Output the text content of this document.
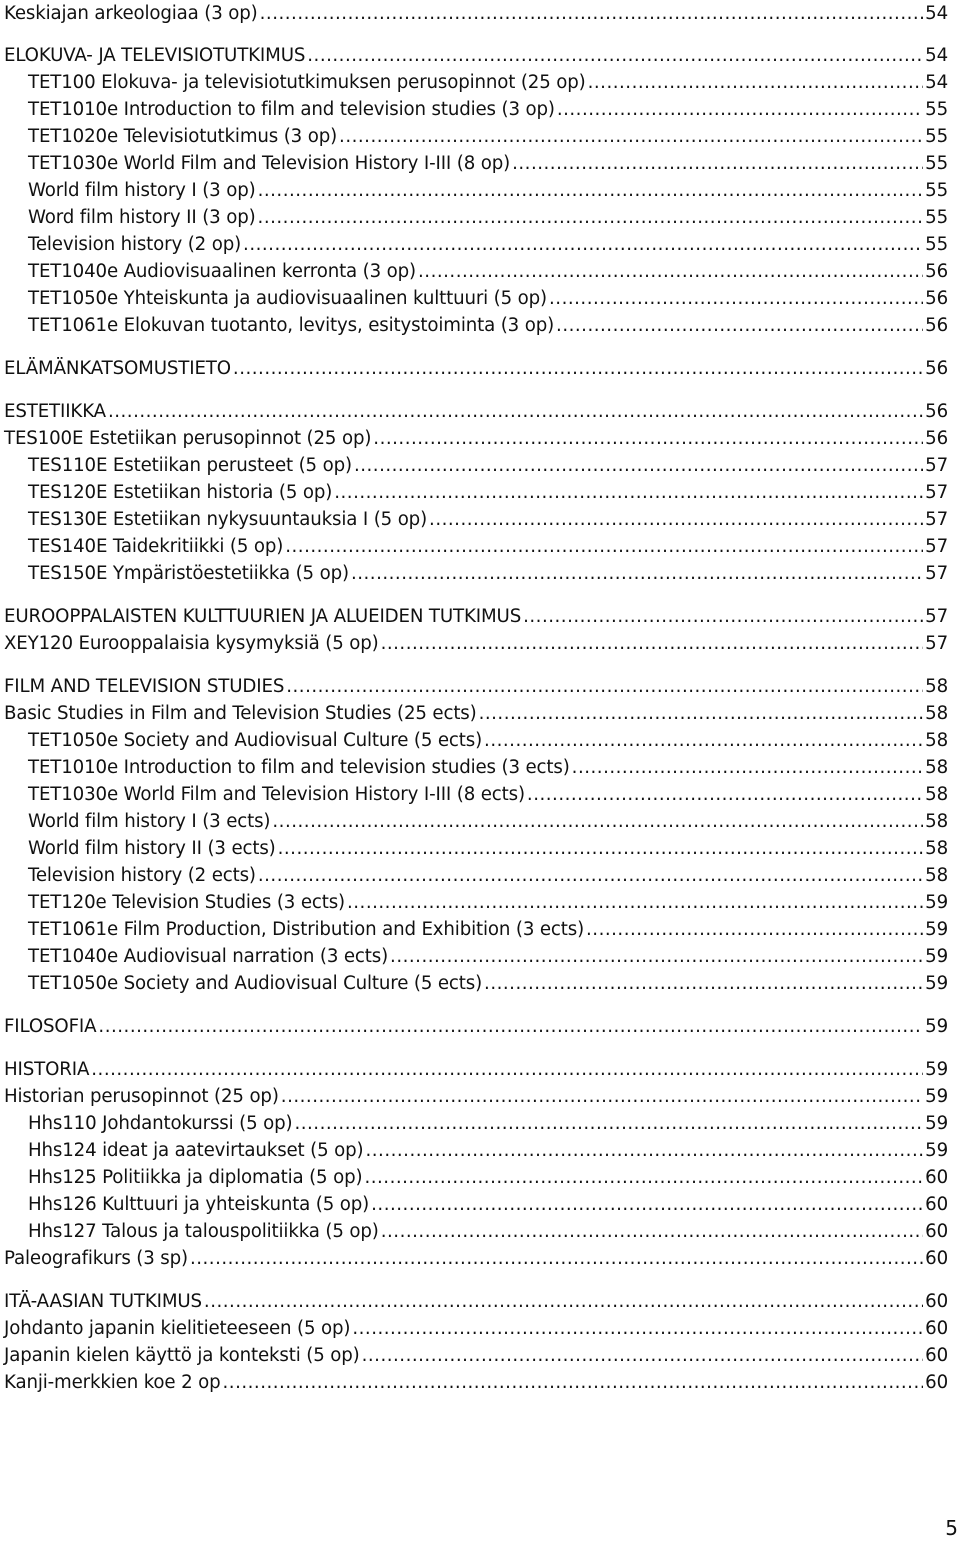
Keskiajan arkeologiaa (3 op) .....	54
ELOKUVA- JA TELEVISIOTUTKIMUS .....	54
TET100 Elokuva- ja televisiotutkimuksen perusopinnot (25 op) .....	54
TET1010e Introduction to film and television studies (3 op) .....	55
TET1020e Televisiotutkimus (3 op) .....	55
TET1030e World Film and Television History I-III (8 op) .....	55
World film history I (3 op) .....	55
Word film history II (3 op) .....	55
Television history (2 op) .....	55
TET1040e Audiovisuaalinen kerronta (3 op) .....	56
TET1050e Yhteiskunta ja audiovisuaalinen kulttuuri (5 op) .....	56
TET1061e Elokuvan tuotanto, levitys, esitystoiminta (3 op) .....	56
ELÄMÄNKATSOMUSTIETO .....	56
ESTETIIKKA .....	56
TES100E Estetiikan perusopinnot (25 op) .....	56
TES110E Estetiikan perusteet (5 op) .....	57
TES120E Estetiikan historia (5 op) .....	57
TES130E Estetiikan nykysuuntauksia I (5 op) .....	57
TES140E Taidekritiikki (5 op) .....	57
TES150E Ympäristöestetiikka (5 op) .....	57
EUROOPPALAISTEN KULTTUURIEN JA ALUEIDEN TUTKIMUS .....	57
XEY120 Eurooppalaisia kysymyksiä (5 op) .....	57
FILM AND TELEVISION STUDIES .....	58
Basic Studies in Film and Television Studies (25 ects) .....	58
TET1050e Society and Audiovisual Culture (5 ects) .....	58
TET1010e Introduction to film and television studies (3 ects) .....	58
TET1030e World Film and Television History I-III (8 ects) .....	58
World film history I (3 ects) .....	58
World film history II (3 ects) .....	58
Television history (2 ects) .....	58
TET120e Television Studies (3 ects) .....	59
TET1061e Film Production, Distribution and Exhibition (3 ects) .....	59
TET1040e Audiovisual narration (3 ects) .....	59
TET1050e Society and Audiovisual Culture (5 ects) .....	59
FILOSOFIA .....	59
HISTORIA .....	59
Historian perusopinnot (25 op) .....	59
Hhs110 Johdantokurssi (5 op) .....	59
Hhs124 ideat ja aatevirtaukset (5 op) .....	59
Hhs125 Politiikka ja diplomatia (5 op) .....	60
Hhs126 Kulttuuri ja yhteiskunta (5 op) .....	60
Hhs127 Talous ja talouspolitiikka (5 op) .....	60
Paleografikurs (3 sp) .....	60
ITÄ-AASIAN TUTKIMUS .....	60
Johdanto japanin kielitieteeseen (5 op) .....	60
Japanin kielen käyttö ja konteksti (5 op) .....	60
Kanji-merkkien koe 2 op .....	60
5
